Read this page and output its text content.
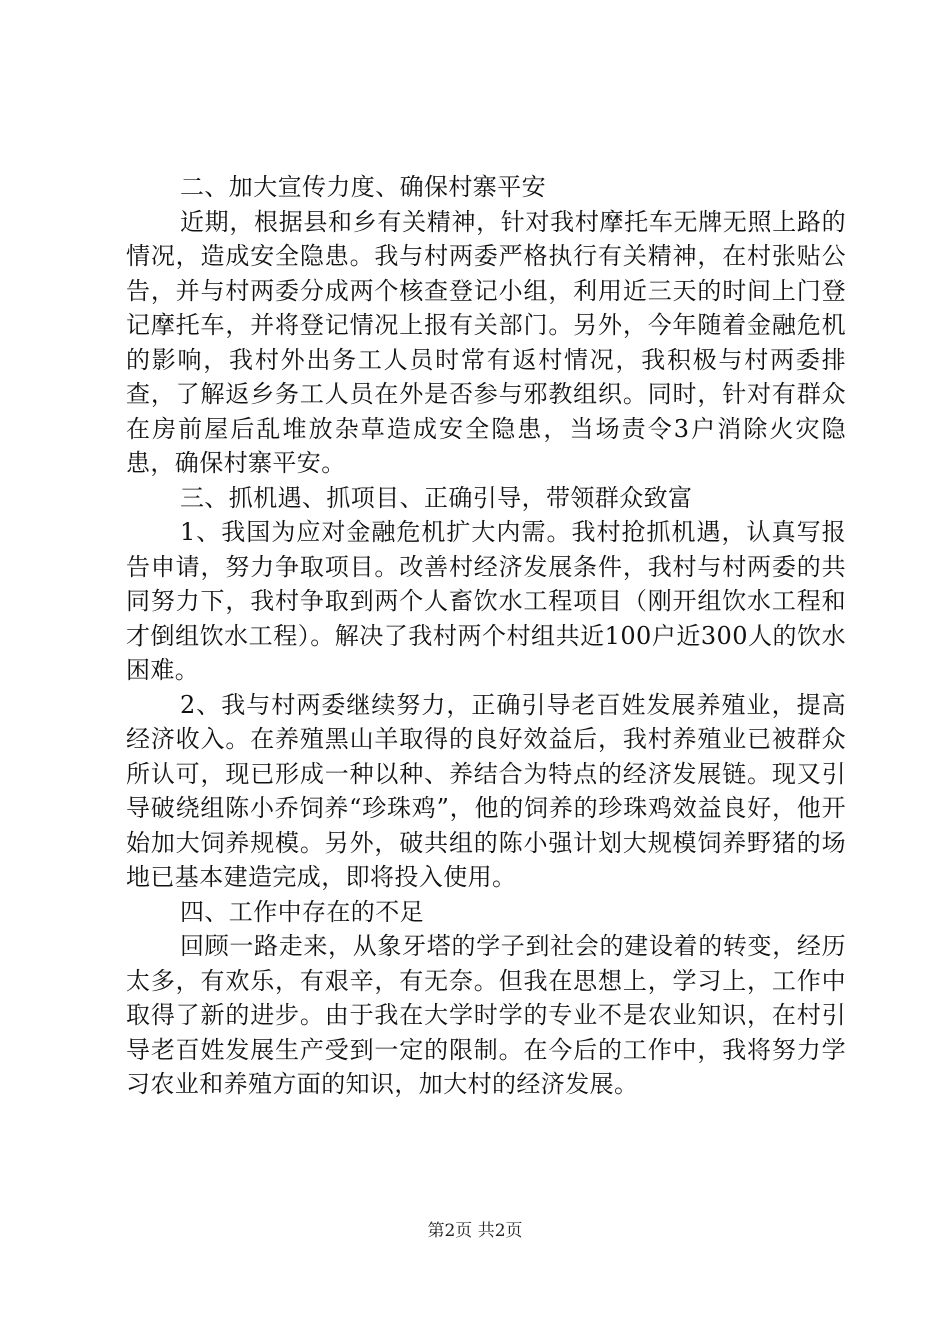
二、加大宣传力度、确保村寨平安

近期，根据县和乡有关精神，针对我村摩托车无牌无照上路的情况，造成安全隐患。我与村两委严格执行有关精神，在村张贴公告，并与村两委分成两个核查登记小组，利用近三天的时间上门登记摩托车，并将登记情况上报有关部门。另外，今年随着金融危机的影响，我村外出务工人员时常有返村情况，我积极与村两委排查，了解返乡务工人员在外是否参与邪教组织。同时，针对有群众在房前屋后乱堆放杂草造成安全隐患，当场责令3户消除火灾隐患，确保村寨平安。

三、抓机遇、抓项目、正确引导，带领群众致富

1、我国为应对金融危机扩大内需。我村抢抓机遇，认真写报告申请，努力争取项目。改善村经济发展条件，我村与村两委的共同努力下，我村争取到两个人畜饮水工程项目（刚开组饮水工程和才倒组饮水工程）。解决了我村两个村组共近100户近300人的饮水困难。

2、我与村两委继续努力，正确引导老百姓发展养殖业，提高经济收入。在养殖黑山羊取得的良好效益后，我村养殖业已被群众所认可，现已形成一种以种、养结合为特点的经济发展链。现又引导破绕组陈小乔饲养“珍珠鸡”，他的饲养的珍珠鸡效益良好，他开始加大饲养规模。另外，破共组的陈小强计划大规模饲养野猪的场地已基本建造完成，即将投入使用。

四、工作中存在的不足

回顾一路走来，从象牙塔的学子到社会的建设着的转变，经历太多，有欢乐，有艰辛，有无奈。但我在思想上，学习上，工作中取得了新的进步。由于我在大学时学的专业不是农业知识，在村引导老百姓发展生产受到一定的限制。在今后的工作中，我将努力学习农业和养殖方面的知识，加大村的经济发展。

第2页 共2页
